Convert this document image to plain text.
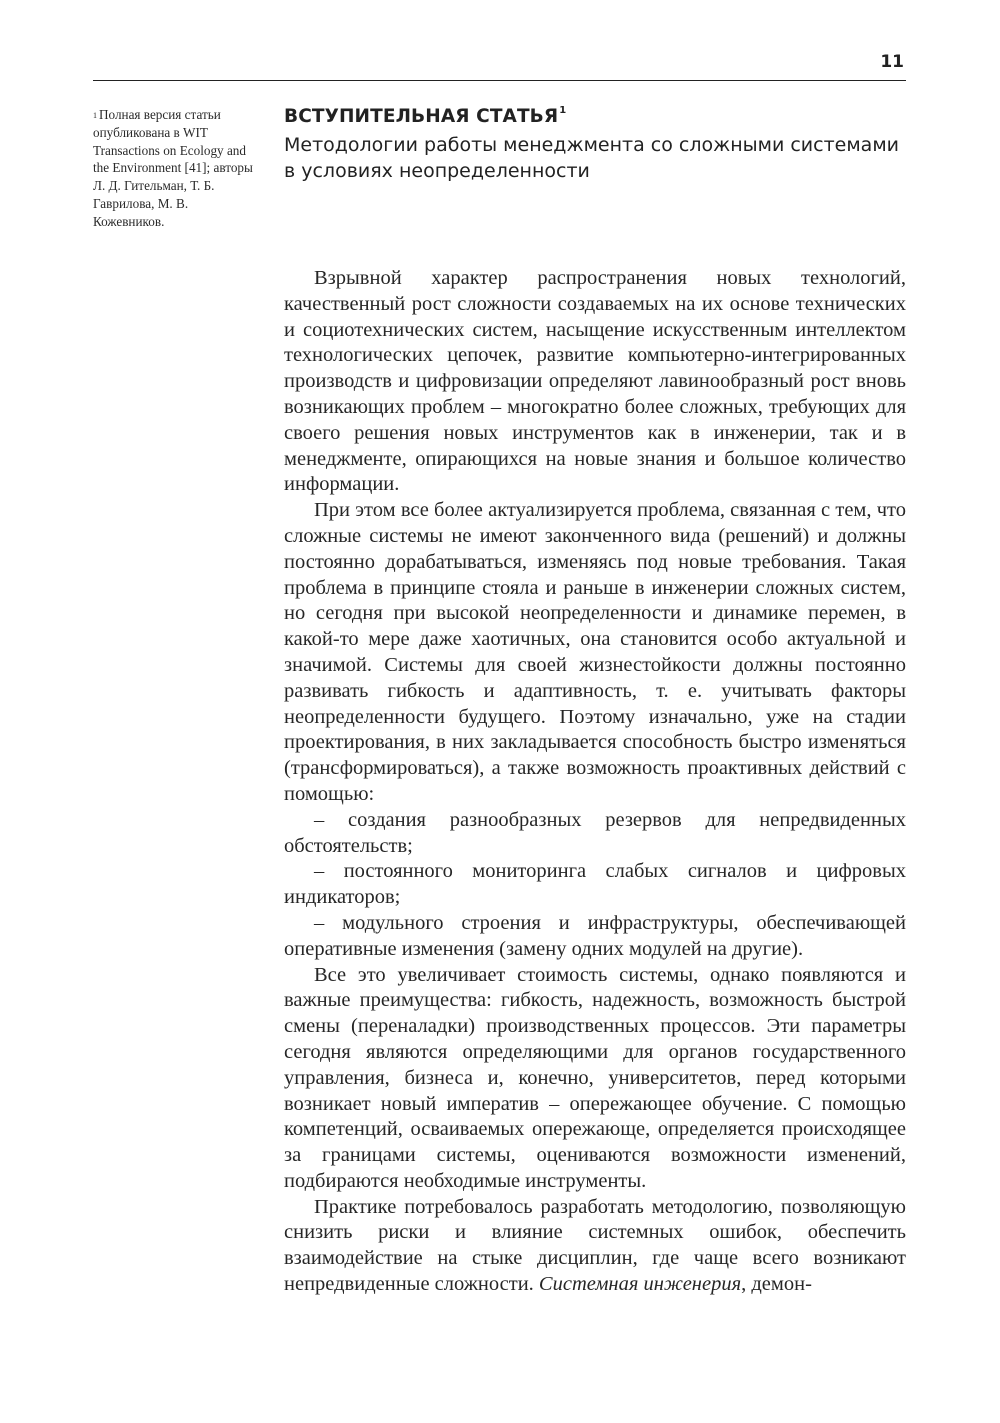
11
$^1$ Полная версия статьи опубликована в WIT Transactions on Ecology and the Environment [41]; авторы Л. Д. Гительман, Т. Б. Гаврилова, М. В. Кожевников.
ВСТУПИТЕЛЬНАЯ СТАТЬЯ$^1$
Методологии работы менеджмента со сложными системами
в условиях неопределенности

Взрывной характер распространения новых технологий, качественный рост сложности создаваемых на их основе технических и социотехнических систем, насыщение искусственным интеллектом технологических цепочек, развитие компьютерно-интегрированных производств и цифровизации определяют лавинообразный рост вновь возникающих проблем – многократно более сложных, требующих для своего решения новых инструментов как в инженерии, так и в менеджменте, опирающихся на новые знания и большое количество информации.

При этом все более актуализируется проблема, связанная с тем, что сложные системы не имеют законченного вида (решений) и должны постоянно дорабатываться, изменяясь под новые требования. Такая проблема в принципе стояла и раньше в инженерии сложных систем, но сегодня при высокой неопределенности и динамике перемен, в какой-то мере даже хаотичных, она становится особо актуальной и значимой. Системы для своей жизнестойкости должны постоянно развивать гибкость и адаптивность, т. е. учитывать факторы неопределенности будущего. Поэтому изначально, уже на стадии проектирования, в них закладывается способность быстро изменяться (трансформироваться), а также возможность проактивных действий с помощью:

– создания разнообразных резервов для непредвиденных обстоятельств;

– постоянного мониторинга слабых сигналов и цифровых индикаторов;

– модульного строения и инфраструктуры, обеспечивающей оперативные изменения (замену одних модулей на другие).

Все это увеличивает стоимость системы, однако появляются и важные преимущества: гибкость, надежность, возможность быстрой смены (переналадки) производственных процессов. Эти параметры сегодня являются определяющими для органов государственного управления, бизнеса и, конечно, университетов, перед которыми возникает новый императив – опережающее обучение. С помощью компетенций, осваиваемых опережающе, определяется происходящее за границами системы, оцениваются возможности изменений, подбираются необходимые инструменты.

Практике потребовалось разработать методологию, позволяющую снизить риски и влияние системных ошибок, обеспечить взаимодействие на стыке дисциплин, где чаще всего возникают непредвиденные сложности. Системная инженерия, демон-
